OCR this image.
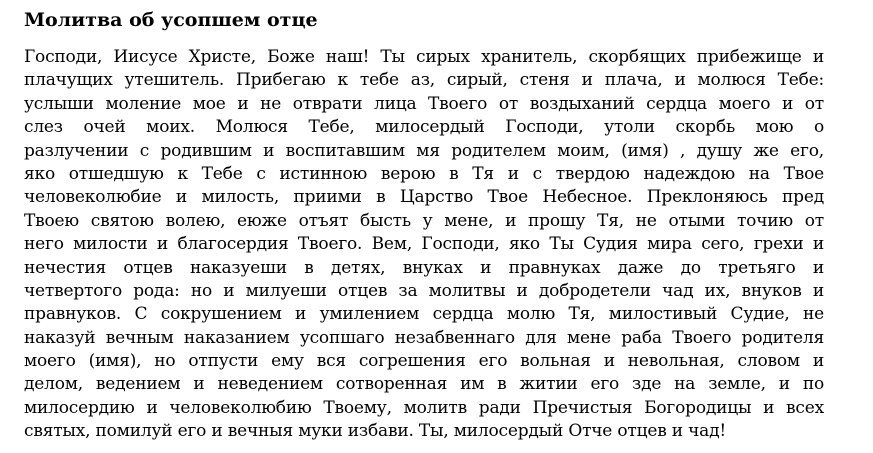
Молитва об усопшем отце
Господи, Иисусе Христе, Боже наш! Ты сирых хранитель, скорбящих прибежище и
плачущих утешитель. Прибегаю к тебе аз, сирый, стеня и плача, и молюся Тебе:
услыши моление мое и не отврати лица Твоего от воздыханий сердца моего и от
слез очей моих. Молюся Тебе, милосердый Господи, утоли скорбь мою о
разлучении с родившим и воспитавшим мя родителем моим, (имя) , душу же его,
яко отшедшую к Тебе с истинною верою в Тя и с твердою надеждою на Твое
человеколюбие и милость, приими в Царство Твое Небесное. Преклоняюсь пред
Твоею святою волею, еюже отъят бысть у мене, и прошу Тя, не отыми точию от
него милости и благосердия Твоего. Вем, Господи, яко Ты Судия мира сего, грехи и
нечестия отцев наказуеши в детях, внуках и правнуках даже до третьяго и
четвертого рода: но и милуеши отцев за молитвы и добродетели чад их, внуков и
правнуков. С сокрушением и умилением сердца молю Тя, милостивый Судие, не
наказуй вечным наказанием усопшаго незабвеннаго для мене раба Твоего родителя
моего (имя), но отпусти ему вся согрешения его вольная и невольная, словом и
делом, ведением и неведением сотворенная им в житии его зде на земле, и по
милосердию и человеколюбию Твоему, молитв ради Пречистыя Богородицы и всех
святых, помилуй его и вечныя муки избави. Ты, милосердый Отче отцев и чад!
